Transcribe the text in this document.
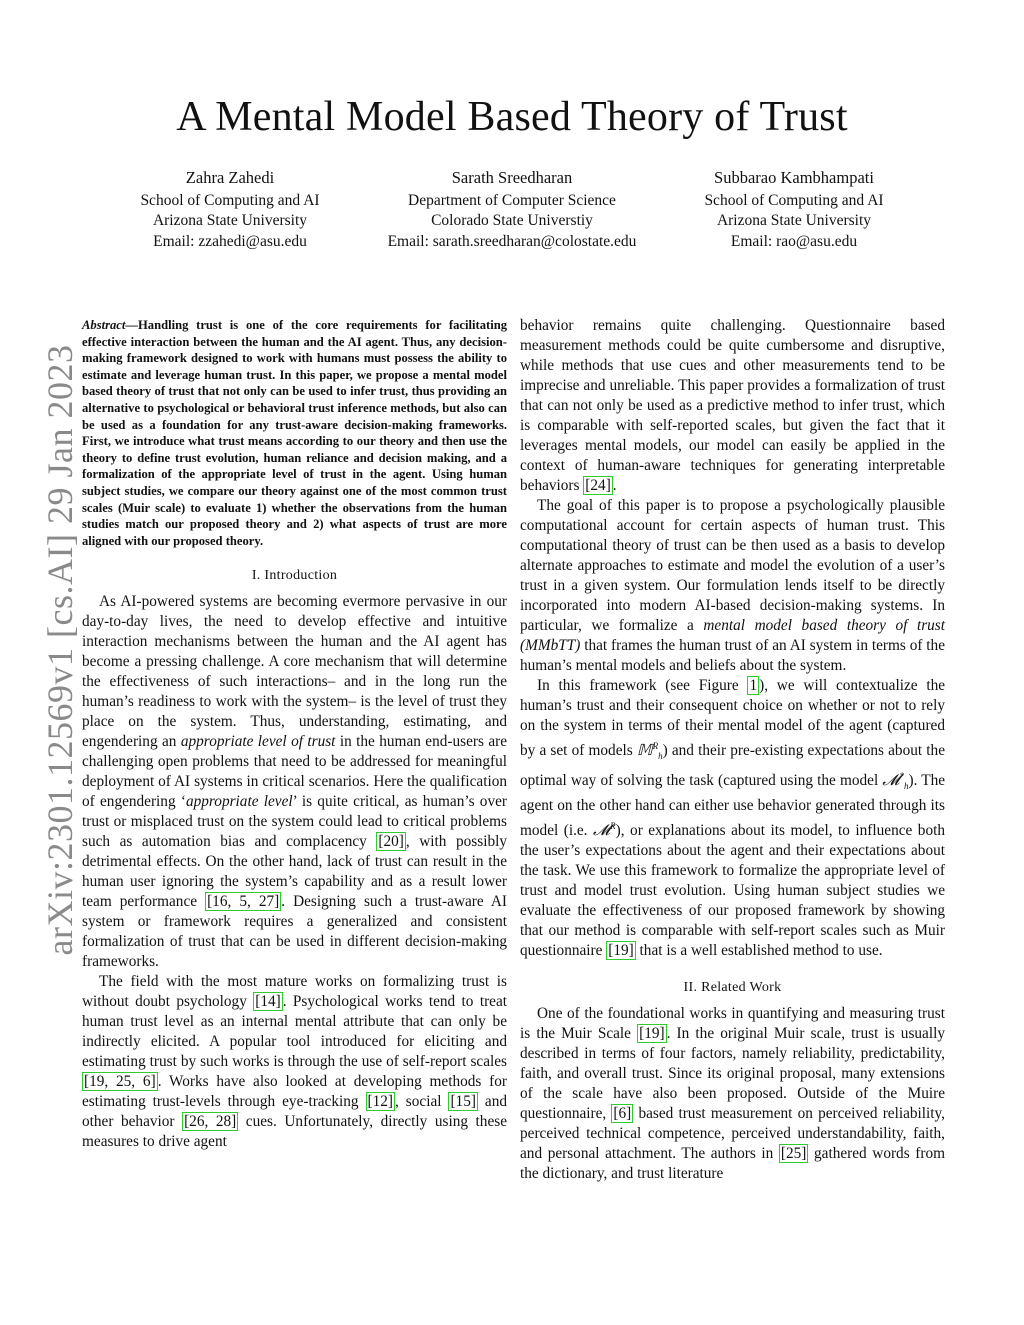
arXiv:2301.12569v1 [cs.AI] 29 Jan 2023
A Mental Model Based Theory of Trust
Zahra Zahedi
School of Computing and AI
Arizona State University
Email: zzahedi@asu.edu
Sarath Sreedharan
Department of Computer Science
Colorado State Universtiy
Email: sarath.sreedharan@colostate.edu
Subbarao Kambhampati
School of Computing and AI
Arizona State University
Email: rao@asu.edu

Abstract—Handling trust is one of the core requirements for facilitating effective interaction between the human and the AI agent. Thus, any decision-making framework designed to work with humans must possess the ability to estimate and leverage human trust. In this paper, we propose a mental model based theory of trust that not only can be used to infer trust, thus providing an alternative to psychological or behavioral trust inference methods, but also can be used as a foundation for any trust-aware decision-making frameworks. First, we introduce what trust means according to our theory and then use the theory to define trust evolution, human reliance and decision making, and a formalization of the appropriate level of trust in the agent. Using human subject studies, we compare our theory against one of the most common trust scales (Muir scale) to evaluate 1) whether the observations from the human studies match our proposed theory and 2) what aspects of trust are more aligned with our proposed theory.

I. Introduction

As AI-powered systems are becoming evermore pervasive in our day-to-day lives, the need to develop effective and intuitive interaction mechanisms between the human and the AI agent has become a pressing challenge. A core mechanism that will determine the effectiveness of such interactions– and in the long run the human’s readiness to work with the system– is the level of trust they place on the system. Thus, understanding, estimating, and engendering an appropriate level of trust in the human end-users are challenging open problems that need to be addressed for meaningful deployment of AI systems in critical scenarios. Here the qualification of engendering ‘appropriate level’ is quite critical, as human’s over trust or misplaced trust on the system could lead to critical problems such as automation bias and complacency [20] , with possibly detrimental effects. On the other hand, lack of trust can result in the human user ignoring the system’s capability and as a result lower team performance [16, 5, 27] . Designing such a trust-aware AI system or framework requires a generalized and consistent formalization of trust that can be used in different decision-making frameworks.

The field with the most mature works on formalizing trust is without doubt psychology [14] . Psychological works tend to treat human trust level as an internal mental attribute that can only be indirectly elicited. A popular tool introduced for eliciting and estimating trust by such works is through the use of self-report scales [19, 25, 6] . Works have also looked at developing methods for estimating trust-levels through eye-tracking [12] , social [15] and other behavior [26, 28] cues. Unfortunately, directly using these measures to drive agent

behavior remains quite challenging. Questionnaire based measurement methods could be quite cumbersome and disruptive, while methods that use cues and other measurements tend to be imprecise and unreliable. This paper provides a formalization of trust that can not only be used as a predictive method to infer trust, which is comparable with self-reported scales, but given the fact that it leverages mental models, our model can easily be applied in the context of human-aware techniques for generating interpretable behaviors [24] .

The goal of this paper is to propose a psychologically plausible computational account for certain aspects of human trust. This computational theory of trust can be then used as a basis to develop alternate approaches to estimate and model the evolution of a user’s trust in a given system. Our formulation lends itself to be directly incorporated into modern AI-based decision-making systems. In particular, we formalize a mental model based theory of trust (MMbTT) that frames the human trust of an AI system in terms of the human’s mental models and beliefs about the system.

In this framework (see Figure 1 ), we will contextualize the human’s trust and their consequent choice on whether or not to rely on the system in terms of their mental model of the agent (captured by a set of models 𝕄$^R_h$) and their pre-existing expectations about the optimal way of solving the task (captured using the model 𝓜*$_h$). The agent on the other hand can either use behavior generated through its model (i.e. 𝓜$^R$), or explanations about its model, to influence both the user’s expectations about the agent and their expectations about the task. We use this framework to formalize the appropriate level of trust and model trust evolution. Using human subject studies we evaluate the effectiveness of our proposed framework by showing that our method is comparable with self-report scales such as Muir questionnaire [19] that is a well established method to use.

II. Related Work

One of the foundational works in quantifying and measuring trust is the Muir Scale [19] . In the original Muir scale, trust is usually described in terms of four factors, namely reliability, predictability, faith, and overall trust. Since its original proposal, many extensions of the scale have also been proposed. Outside of the Muire questionnaire, [6] based trust measurement on perceived reliability, perceived technical competence, perceived understandability, faith, and personal attachment. The authors in [25] gathered words from the dictionary, and trust literature
